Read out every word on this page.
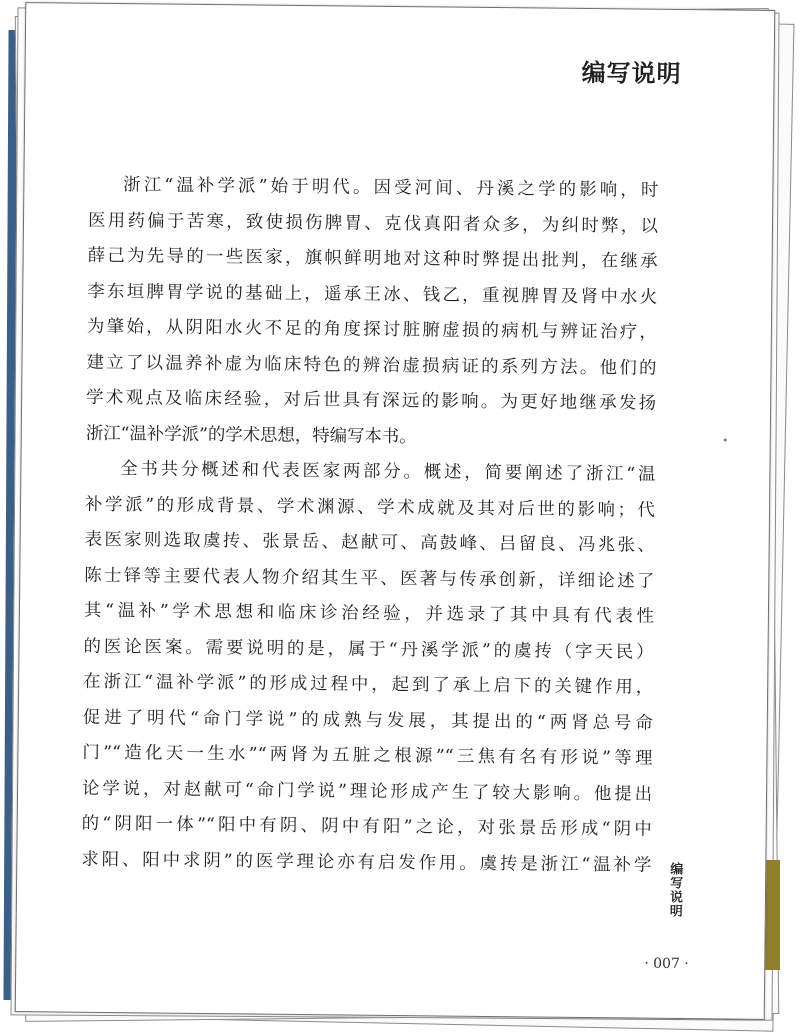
编写说明
浙江“温补学派”始于明代。因受河间、丹溪之学的影响，时
医用药偏于苦寒，致使损伤脾胃、克伐真阳者众多，为纠时弊，以
薛己为先导的一些医家，旗帜鲜明地对这种时弊提出批判，在继承
李东垣脾胃学说的基础上，遥承王冰、钱乙，重视脾胃及肾中水火
为肇始，从阴阳水火不足的角度探讨脏腑虚损的病机与辨证治疗，
建立了以温养补虚为临床特色的辨治虚损病证的系列方法。他们的
学术观点及临床经验，对后世具有深远的影响。为更好地继承发扬
浙江“温补学派”的学术思想，特编写本书。
全书共分概述和代表医家两部分。概述，简要阐述了浙江“温
补学派”的形成背景、学术渊源、学术成就及其对后世的影响；代
表医家则选取虞抟、张景岳、赵献可、高鼓峰、吕留良、冯兆张、
陈士铎等主要代表人物介绍其生平、医著与传承创新，详细论述了
其“温补”学术思想和临床诊治经验，并选录了其中具有代表性
的医论医案。需要说明的是，属于“丹溪学派”的虞抟（字天民）
在浙江“温补学派”的形成过程中，起到了承上启下的关键作用，
促进了明代“命门学说”的成熟与发展，其提出的“两肾总号命
门”“造化天一生水”“两肾为五脏之根源”“三焦有名有形说”等理
论学说，对赵献可“命门学说”理论形成产生了较大影响。他提出
的“阴阳一体”“阳中有阴、阴中有阳”之论，对张景岳形成“阴中
求阳、阳中求阴”的医学理论亦有启发作用。虞抟是浙江“温补学 编写说明
· 007 ·
